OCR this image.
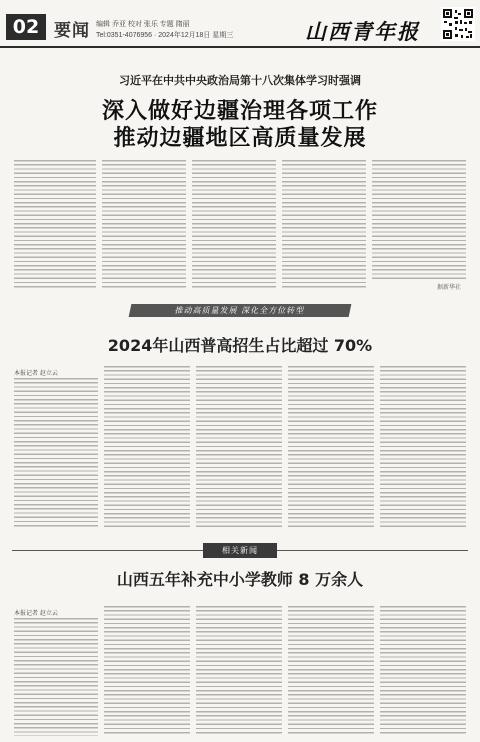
02 要闻 编辑 乔亚 校对 张乐 专题 隋丽
Tel:0351-4076956 · 2024年12月18日 星期三	山西青年报
习近平在中共中央政治局第十八次集体学习时强调
深入做好边疆治理各项工作
推动边疆地区高质量发展
据新华社
推动高质量发展 深化全方位转型
2024年山西普高招生占比超过 70%
本报记者 赵立云
相关新闻
山西五年补充中小学教师 8 万余人
本报记者 赵立云
